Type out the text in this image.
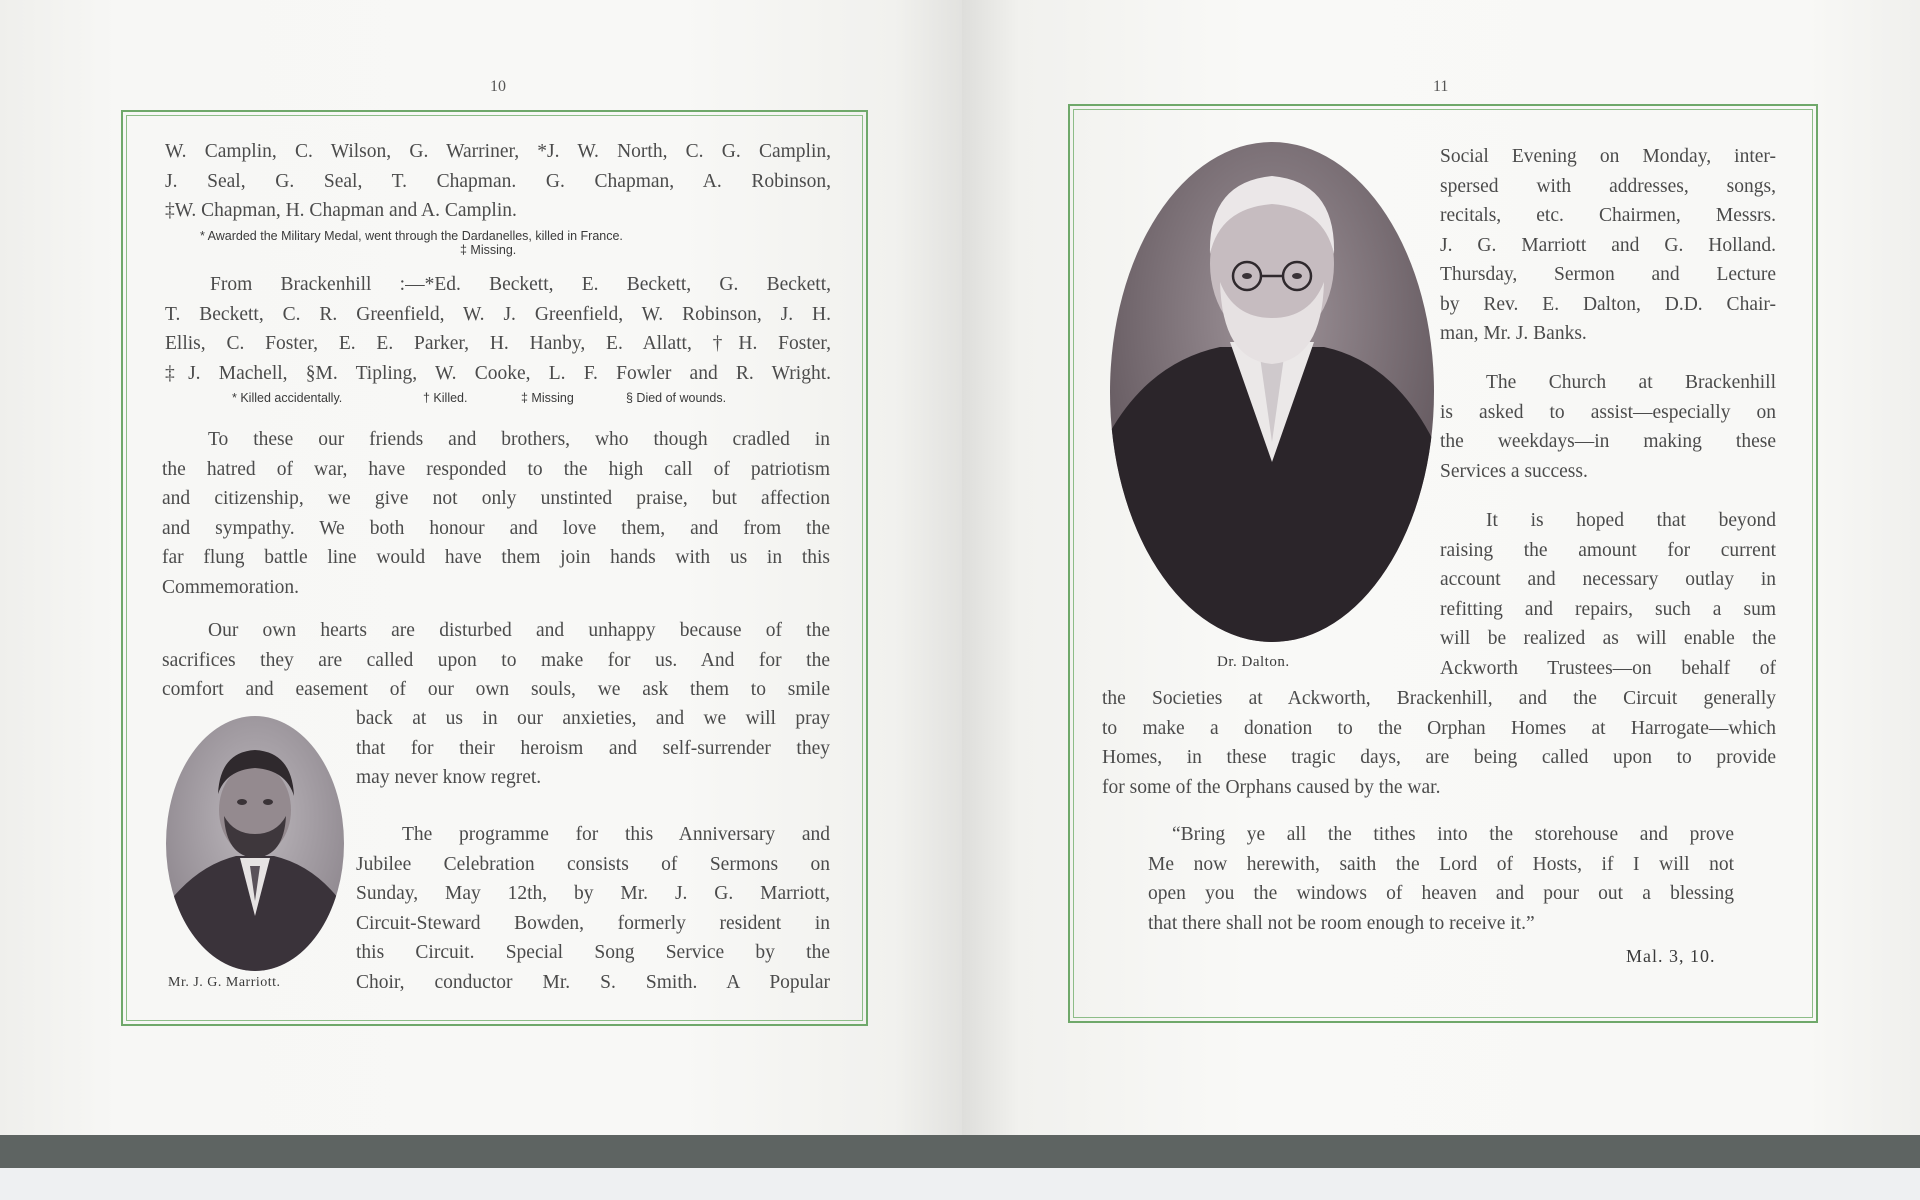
10
W. Camplin, C. Wilson, G. Warriner, *J. W. North, C. G. Camplin,
J. Seal, G. Seal, T. Chapman. G. Chapman, A. Robinson,
‡W. Chapman, H. Chapman and A. Camplin.
* Awarded the Military Medal, went through the Dardanelles, killed in France.
‡ Missing.
From Brackenhill :—*Ed. Beckett, E. Beckett, G. Beckett,
T. Beckett, C. R. Greenfield, W. J. Greenfield, W. Robinson, J. H.
Ellis, C. Foster, E. E. Parker, H. Hanby, E. Allatt, †H. Foster,
‡J. Machell, §M. Tipling, W. Cooke, L. F. Fowler and R. Wright.
* Killed accidentally.	† Killed.	‡ Missing	§ Died of wounds.
To these our friends and brothers, who though cradled in
the hatred of war, have responded to the high call of patriotism
and citizenship, we give not only unstinted praise, but affection
and sympathy. We both honour and love them, and from the
far flung battle line would have them join hands with us in this
Commemoration.
Our own hearts are disturbed and unhappy because of the
sacrifices they are called upon to make for us. And for the
comfort and easement of our own souls, we ask them to smile
back at us in our anxieties, and we will pray
that for their heroism and self-surrender they
may never know regret.
The programme for this Anniversary and
Jubilee Celebration consists of Sermons on
Sunday, May 12th, by Mr. J. G. Marriott,
Circuit-Steward Bowden, formerly resident in
this Circuit. Special Song Service by the
Choir, conductor Mr. S. Smith. A Popular
Mr. J. G. Marriott.
11
Dr. Dalton.
Social Evening on Monday, inter-
spersed with addresses, songs,
recitals, etc. Chairmen, Messrs.
J. G. Marriott and G. Holland.
Thursday, Sermon and Lecture
by Rev. E. Dalton, D.D. Chair-
man, Mr. J. Banks.
The Church at Brackenhill
is asked to assist—especially on
the weekdays—in making these
Services a success.
It is hoped that beyond
raising the amount for current
account and necessary outlay in
refitting and repairs, such a sum
will be realized as will enable the
Ackworth Trustees—on behalf of
the Societies at Ackworth, Brackenhill, and the Circuit generally
to make a donation to the Orphan Homes at Harrogate—which
Homes, in these tragic days, are being called upon to provide
for some of the Orphans caused by the war.
“Bring ye all the tithes into the storehouse and prove
Me now herewith, saith the Lord of Hosts, if I will not
open you the windows of heaven and pour out a blessing
that there shall not be room enough to receive it.”
Mal. 3, 10.
